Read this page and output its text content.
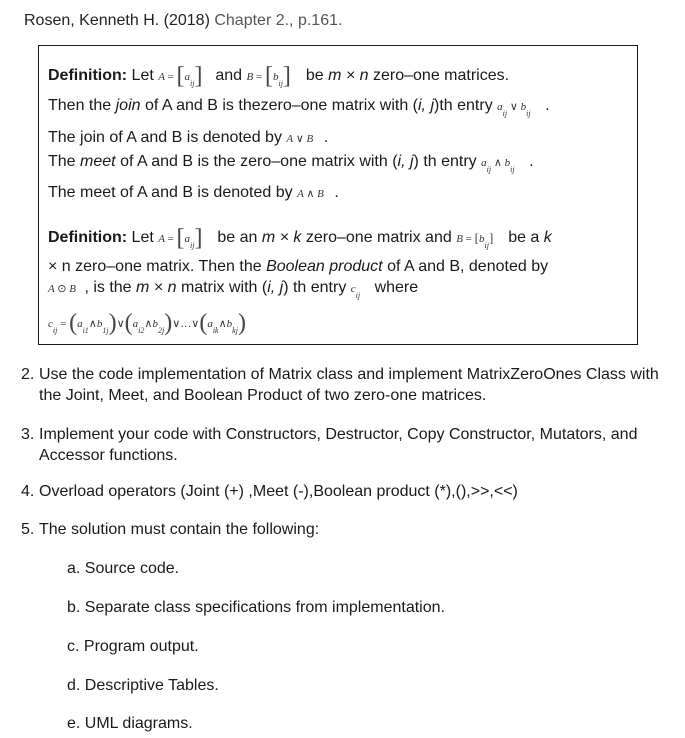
Rosen, Kenneth H. (2018) Chapter 2., p.161.
Definition: Let $A = [a_{ij}]$ and $B = [b_{ij}]$ be m × n zero–one matrices.
Then the join of A and B is thezero–one matrix with (i, j)th entry $a_{ij}$ ∨ $b_{ij}$ .
The join of A and B is denoted by A ∨ B .
The meet of A and B is the zero–one matrix with (i, j) th entry $a_{ij}$ ∧ $b_{ij}$ .
The meet of A and B is denoted by A ∧ B .
Definition: Let $A = [a_{ij}]$ be an m × k zero–one matrix and $B = [b_{ij}]$ be a k
× n zero–one matrix. Then the Boolean product of A and B, denoted by
A ⊙ B , is the m × n matrix with (i, j) th entry $c_{ij}$ where
$c_{ij}$ = $(a_{i1}\wedge b_{1j})\vee(a_{i2}\wedge b_{2j})\vee\dots\vee(a_{ik}\wedge b_{kj})$
2. Use the code implementation of Matrix class and implement MatrixZeroOnes Class with the Joint, Meet, and Boolean Product of two zero-one matrices.
3. Implement your code with Constructors, Destructor, Copy Constructor, Mutators, and Accessor functions.
4. Overload operators (Joint (+) ,Meet (-),Boolean product (*),(),>>,<<)
5. The solution must contain the following:
a. Source code.
b. Separate class specifications from implementation.
c. Program output.
d. Descriptive Tables.
e. UML diagrams.
